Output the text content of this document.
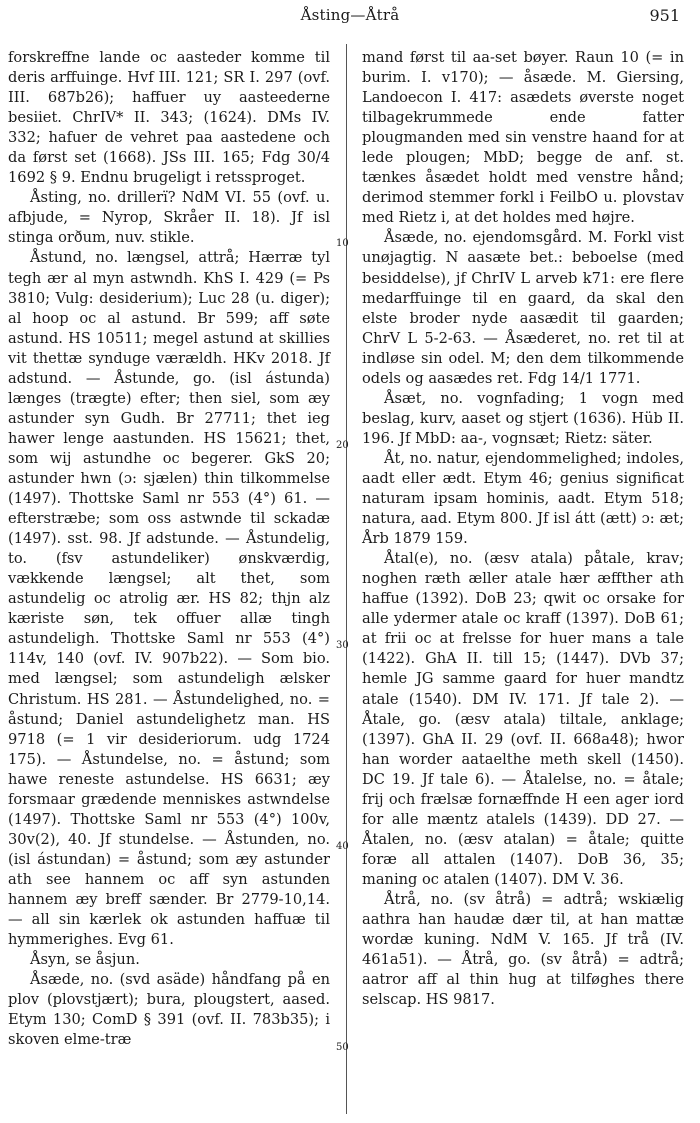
Åsting—Åtrå	951
10
20
30
40
50

forskreffne lande oc aasteder komme til deris arffuinge. Hvf III. 121; SR I. 297 (ovf. III. 687b26); haffuer uy aasteederne besiiet. ChrIV* II. 343; (1624). DMs IV. 332; hafuer de vehret paa aastedene och da først set (1668). JSs III. 165; Fdg 30/4 1692 § 9. Endnu brugeligt i retssproget.

Åsting, no. drillerï? NdM VI. 55 (ovf. u. afbjude, = Nyrop, Skråer II. 18). Jf isl stinga orðum, nuv. stikle.

Åstund, no. længsel, attrå; Hærræ tyl tegh ær al myn astwndh. KhS I. 429 (= Ps 3810; Vulg: desiderium); Luc 28 (u. diger); al hoop oc al astund. Br 599; aff søte astund. HS 10511; megel astund at skillies vit thettæ synduge værældh. HKv 2018. Jf adstund. — Åstunde, go. (isl ástunda) længes (trægte) efter; then siel, som æy astunder syn Gudh. Br 27711; thet ieg hawer lenge aastunden. HS 15621; thet, som wij astundhe oc begerer. GkS 20; astunder hwn (ɔ: sjælen) thin tilkommelse (1497). Thottske Saml nr 553 (4°) 61. — efterstræbe; som oss astwnde til sckadæ (1497). sst. 98. Jf adstunde. — Åstundelig, to. (fsv astundeliker) ønskværdig, vækkende længsel; alt thet, som astundelig oc atrolig ær. HS 82; thjn alz kæriste søn, tek offuer allæ tingh astundeligh. Thottske Saml nr 553 (4°) 114v, 140 (ovf. IV. 907b22). — Som bio. med længsel; som astundeligh ælsker Christum. HS 281. — Åstundelighed, no. = åstund; Daniel astundelighetz man. HS 9718 (= 1 vir desideriorum. udg 1724 175). — Åstundelse, no. = åstund; som hawe reneste astundelse. HS 6631; æy forsmaar grædende menniskes astwndelse (1497). Thottske Saml nr 553 (4°) 100v, 30v(2), 40. Jf stundelse. — Åstunden, no. (isl ástundan) = åstund; som æy astunder ath see hannem oc aff syn astunden hannem æy breff sænder. Br 2779-10,14. — all sin kærlek ok astunden haffuæ til hymmerighes. Evg 61.

Åsyn, se åsjun.

Åsæde, no. (svd asäde) håndfang på en plov (plovstjært); bura, plougstert, aased. Etym 130; ComD § 391 (ovf. II. 783b35); i skoven elme-træ

mand først til aa-set bøyer. Raun 10 (= in burim. I. v170); — åsæde. M. Giersing, Landoecon I. 417: asædets øverste noget tilbagekrummede ende fatter plougmanden med sin venstre haand for at lede plougen; MbD; begge de anf. st. tænkes åsædet holdt med venstre hånd; derimod stemmer forkl i FeilbO u. plovstav med Rietz i, at det holdes med højre.

Åsæde, no. ejendomsgård. M. Forkl vist unøjagtig. N aasæte bet.: beboelse (med besiddelse), jf ChrIV L arveb k71: ere flere medarffuinge til en gaard, da skal den elste broder nyde aasædit til gaarden; ChrV L 5-2-63. — Åsæderet, no. ret til at indløse sin odel. M; den dem tilkommende odels og aasædes ret. Fdg 14/1 1771.

Åsæt, no. vognfading; 1 vogn med beslag, kurv, aaset og stjert (1636). Hüb II. 196. Jf MbD: aa-, vognsæt; Rietz: säter.

Åt, no. natur, ejendommelighed; indoles, aadt eller ædt. Etym 46; genius significat naturam ipsam hominis, aadt. Etym 518; natura, aad. Etym 800. Jf isl átt (ætt) ɔ: æt; Årb 1879 159.

Åtal(e), no. (æsv atala) påtale, krav; noghen ræth æller atale hær æffther ath haffue (1392). DoB 23; qwit oc orsake for alle ydermer atale oc kraff (1397). DoB 61; at frii oc at frelsse for huer mans a tale (1422). GhA II. till 15; (1447). DVb 37; hemle JG samme gaard for huer mandtz atale (1540). DM IV. 171. Jf tale 2). — Åtale, go. (æsv atala) tiltale, anklage; (1397). GhA II. 29 (ovf. II. 668a48); hwor han worder aataelthe meth skell (1450). DC 19. Jf tale 6). — Åtalelse, no. = åtale; frij och frælsæ fornæffnde H een ager iord for alle mæntz atalels (1439). DD 27. — Åtalen, no. (æsv atalan) = åtale; quitte foræ all attalen (1407). DoB 36, 35; maning oc atalen (1407). DM V. 36.

Åtrå, no. (sv åtrå) = adtrå; wskiælig aathra han haudæ dær til, at han mattæ wordæ kuning. NdM V. 165. Jf trå (IV. 461a51). — Åtrå, go. (sv åtrå) = adtrå; aatror aff al thin hug at tilføghes there selscap. HS 9817.
